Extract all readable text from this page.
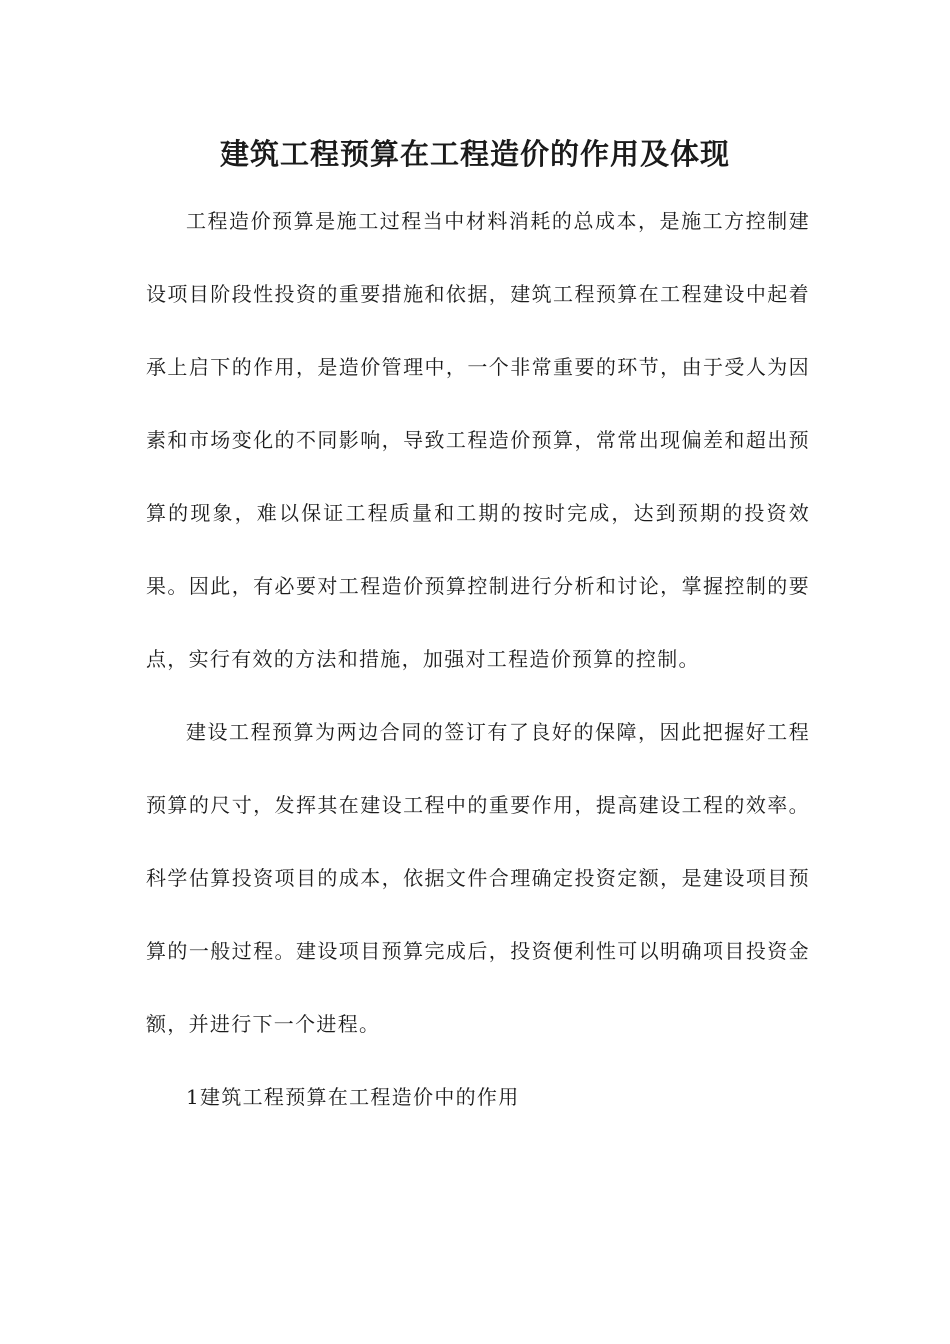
建筑工程预算在工程造价的作用及体现

工程造价预算是施工过程当中材料消耗的总成本，是施工方控制建设项目阶段性投资的重要措施和依据，建筑工程预算在工程建设中起着承上启下的作用，是造价管理中，一个非常重要的环节，由于受人为因素和市场变化的不同影响，导致工程造价预算，常常出现偏差和超出预算的现象，难以保证工程质量和工期的按时完成，达到预期的投资效果。因此，有必要对工程造价预算控制进行分析和讨论，掌握控制的要点，实行有效的方法和措施，加强对工程造价预算的控制。

建设工程预算为两边合同的签订有了良好的保障，因此把握好工程预算的尺寸，发挥其在建设工程中的重要作用，提高建设工程的效率。科学估算投资项目的成本，依据文件合理确定投资定额，是建设项目预算的一般过程。建设项目预算完成后，投资便利性可以明确项目投资金额，并进行下一个进程。

1建筑工程预算在工程造价中的作用
